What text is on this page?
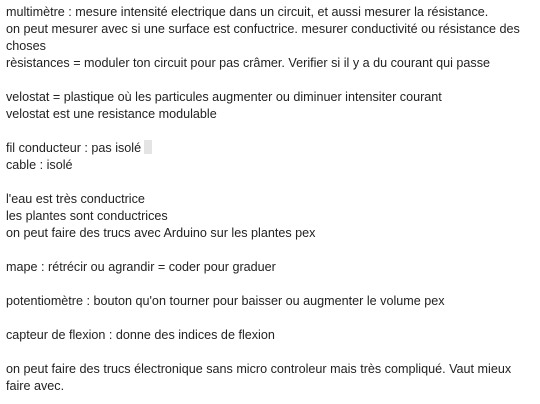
multimètre : mesure intensité electrique dans un circuit, et aussi mesurer la résistance.
on peut mesurer avec si une surface est confuctrice. mesurer conductivité ou résistance des choses
rèsistances = moduler ton circuit pour pas crâmer. Verifier si il y a du courant qui passe
velostat = plastique où les particules augmenter ou diminuer intensiter courant
velostat est une resistance modulable
fil conducteur : pas isolé
cable : isolé
l'eau est très conductrice
les plantes sont conductrices
on peut faire des trucs avec Arduino sur les plantes pex
mape : rétrécir ou agrandir = coder pour graduer
potentiomètre : bouton qu'on tourner pour baisser ou augmenter le volume pex
capteur de flexion : donne des indices de flexion
on peut faire des trucs électronique sans micro controleur mais très compliqué. Vaut mieux faire avec.
